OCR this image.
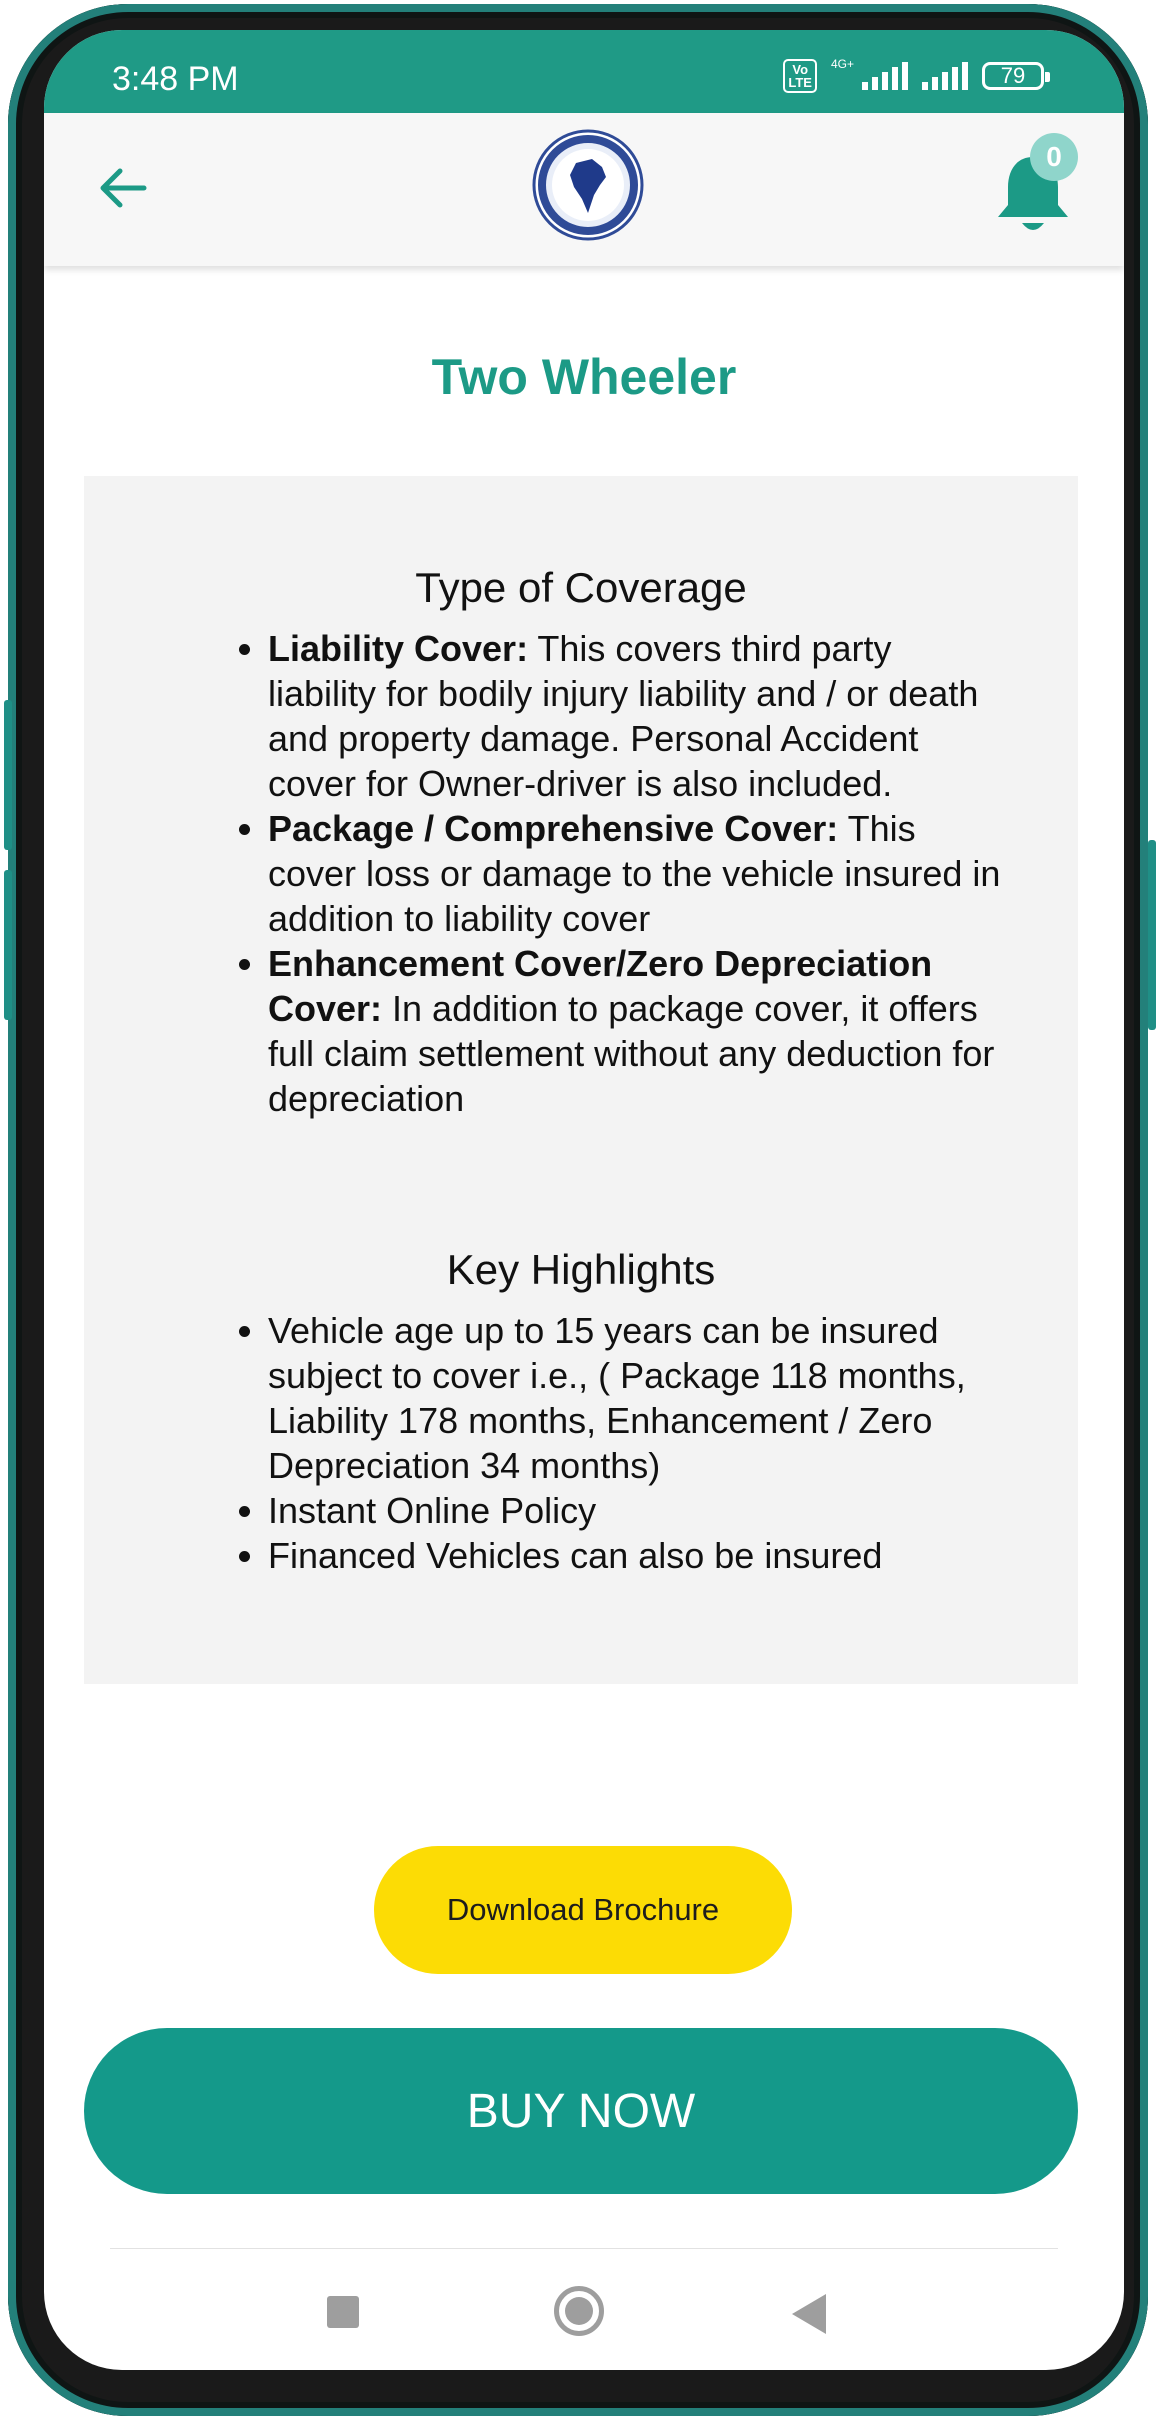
3:48 PM	Vo
LTE
4G+	79
0
Two Wheeler
Type of Coverage
• Liability Cover: This covers third party liability for bodily injury liability and / or death and property damage. Personal Accident cover for Owner-driver is also included.
• Package / Comprehensive Cover: This cover loss or damage to the vehicle insured in addition to liability cover
• Enhancement Cover/Zero Depreciation Cover: In addition to package cover, it offers full claim settlement without any deduction for depreciation
Key Highlights
• Vehicle age up to 15 years can be insured subject to cover i.e., ( Package 118 months, Liability 178 months, Enhancement / Zero Depreciation 34 months)
• Instant Online Policy
• Financed Vehicles can also be insured
Download Brochure
BUY NOW
